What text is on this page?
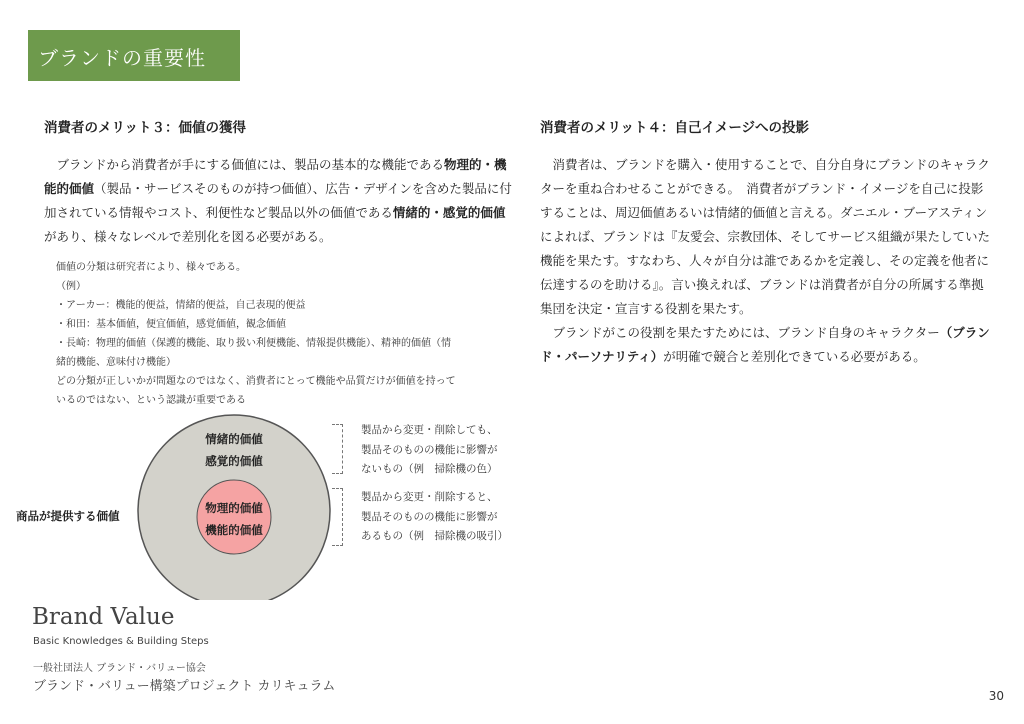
ブランドの重要性
消費者のメリット３：価値の獲得

ブランドから消費者が手にする価値には、製品の基本的な機能である物理的・機能的価値（製品・サービスそのものが持つ価値）、広告・デザインを含めた製品に付加されている情報やコスト、利便性など製品以外の価値である情緒的・感覚的価値があり、様々なレベルで差別化を図る必要がある。

価値の分類は研究者により、様々である。
（例）
・アーカー：機能的便益，情緒的便益，自己表現的便益
・和田：基本価値，便宜価値，感覚価値，観念価値
・長崎：物理的価値（保護的機能、取り扱い利便機能、情報提供機能）、精神的価値（情
緒的機能、意味付け機能）
どの分類が正しいかが問題なのではなく、消費者にとって機能や品質だけが価値を持って
いるのではない、という認識が重要である
情緒的価値
感覚的価値
物理的価値
機能的価値
商品が提供する価値
製品から変更・削除しても、
製品そのものの機能に影響が
ないもの（例　掃除機の色）
製品から変更・削除すると、
製品そのものの機能に影響が
あるもの（例　掃除機の吸引）
消費者のメリット４：自己イメージへの投影

消費者は、ブランドを購入・使用することで、自分自身にブランドのキャラクターを重ね合わせることができる。　消費者がブランド・イメージを自己に投影することは、周辺価値あるいは情緒的価値と言える。ダニエル・ブーアスティンによれば、ブランドは『友愛会、宗教団体、そしてサービス組織が果たしていた機能を果たす。すなわち、人々が自分は誰であるかを定義し、その定義を他者に伝達するのを助ける』。言い換えれば、ブランドは消費者が自分の所属する準拠集団を決定・宣言する役割を果たす。

ブランドがこの役割を果たすためには、ブランド自身のキャラクター（ブランド・パーソナリティ）が明確で競合と差別化できている必要がある。

Brand Value
Basic Knowledges & Building Steps
一般社団法人 ブランド・バリュー協会
ブランド・バリュー構築プロジェクト カリキュラム
30
